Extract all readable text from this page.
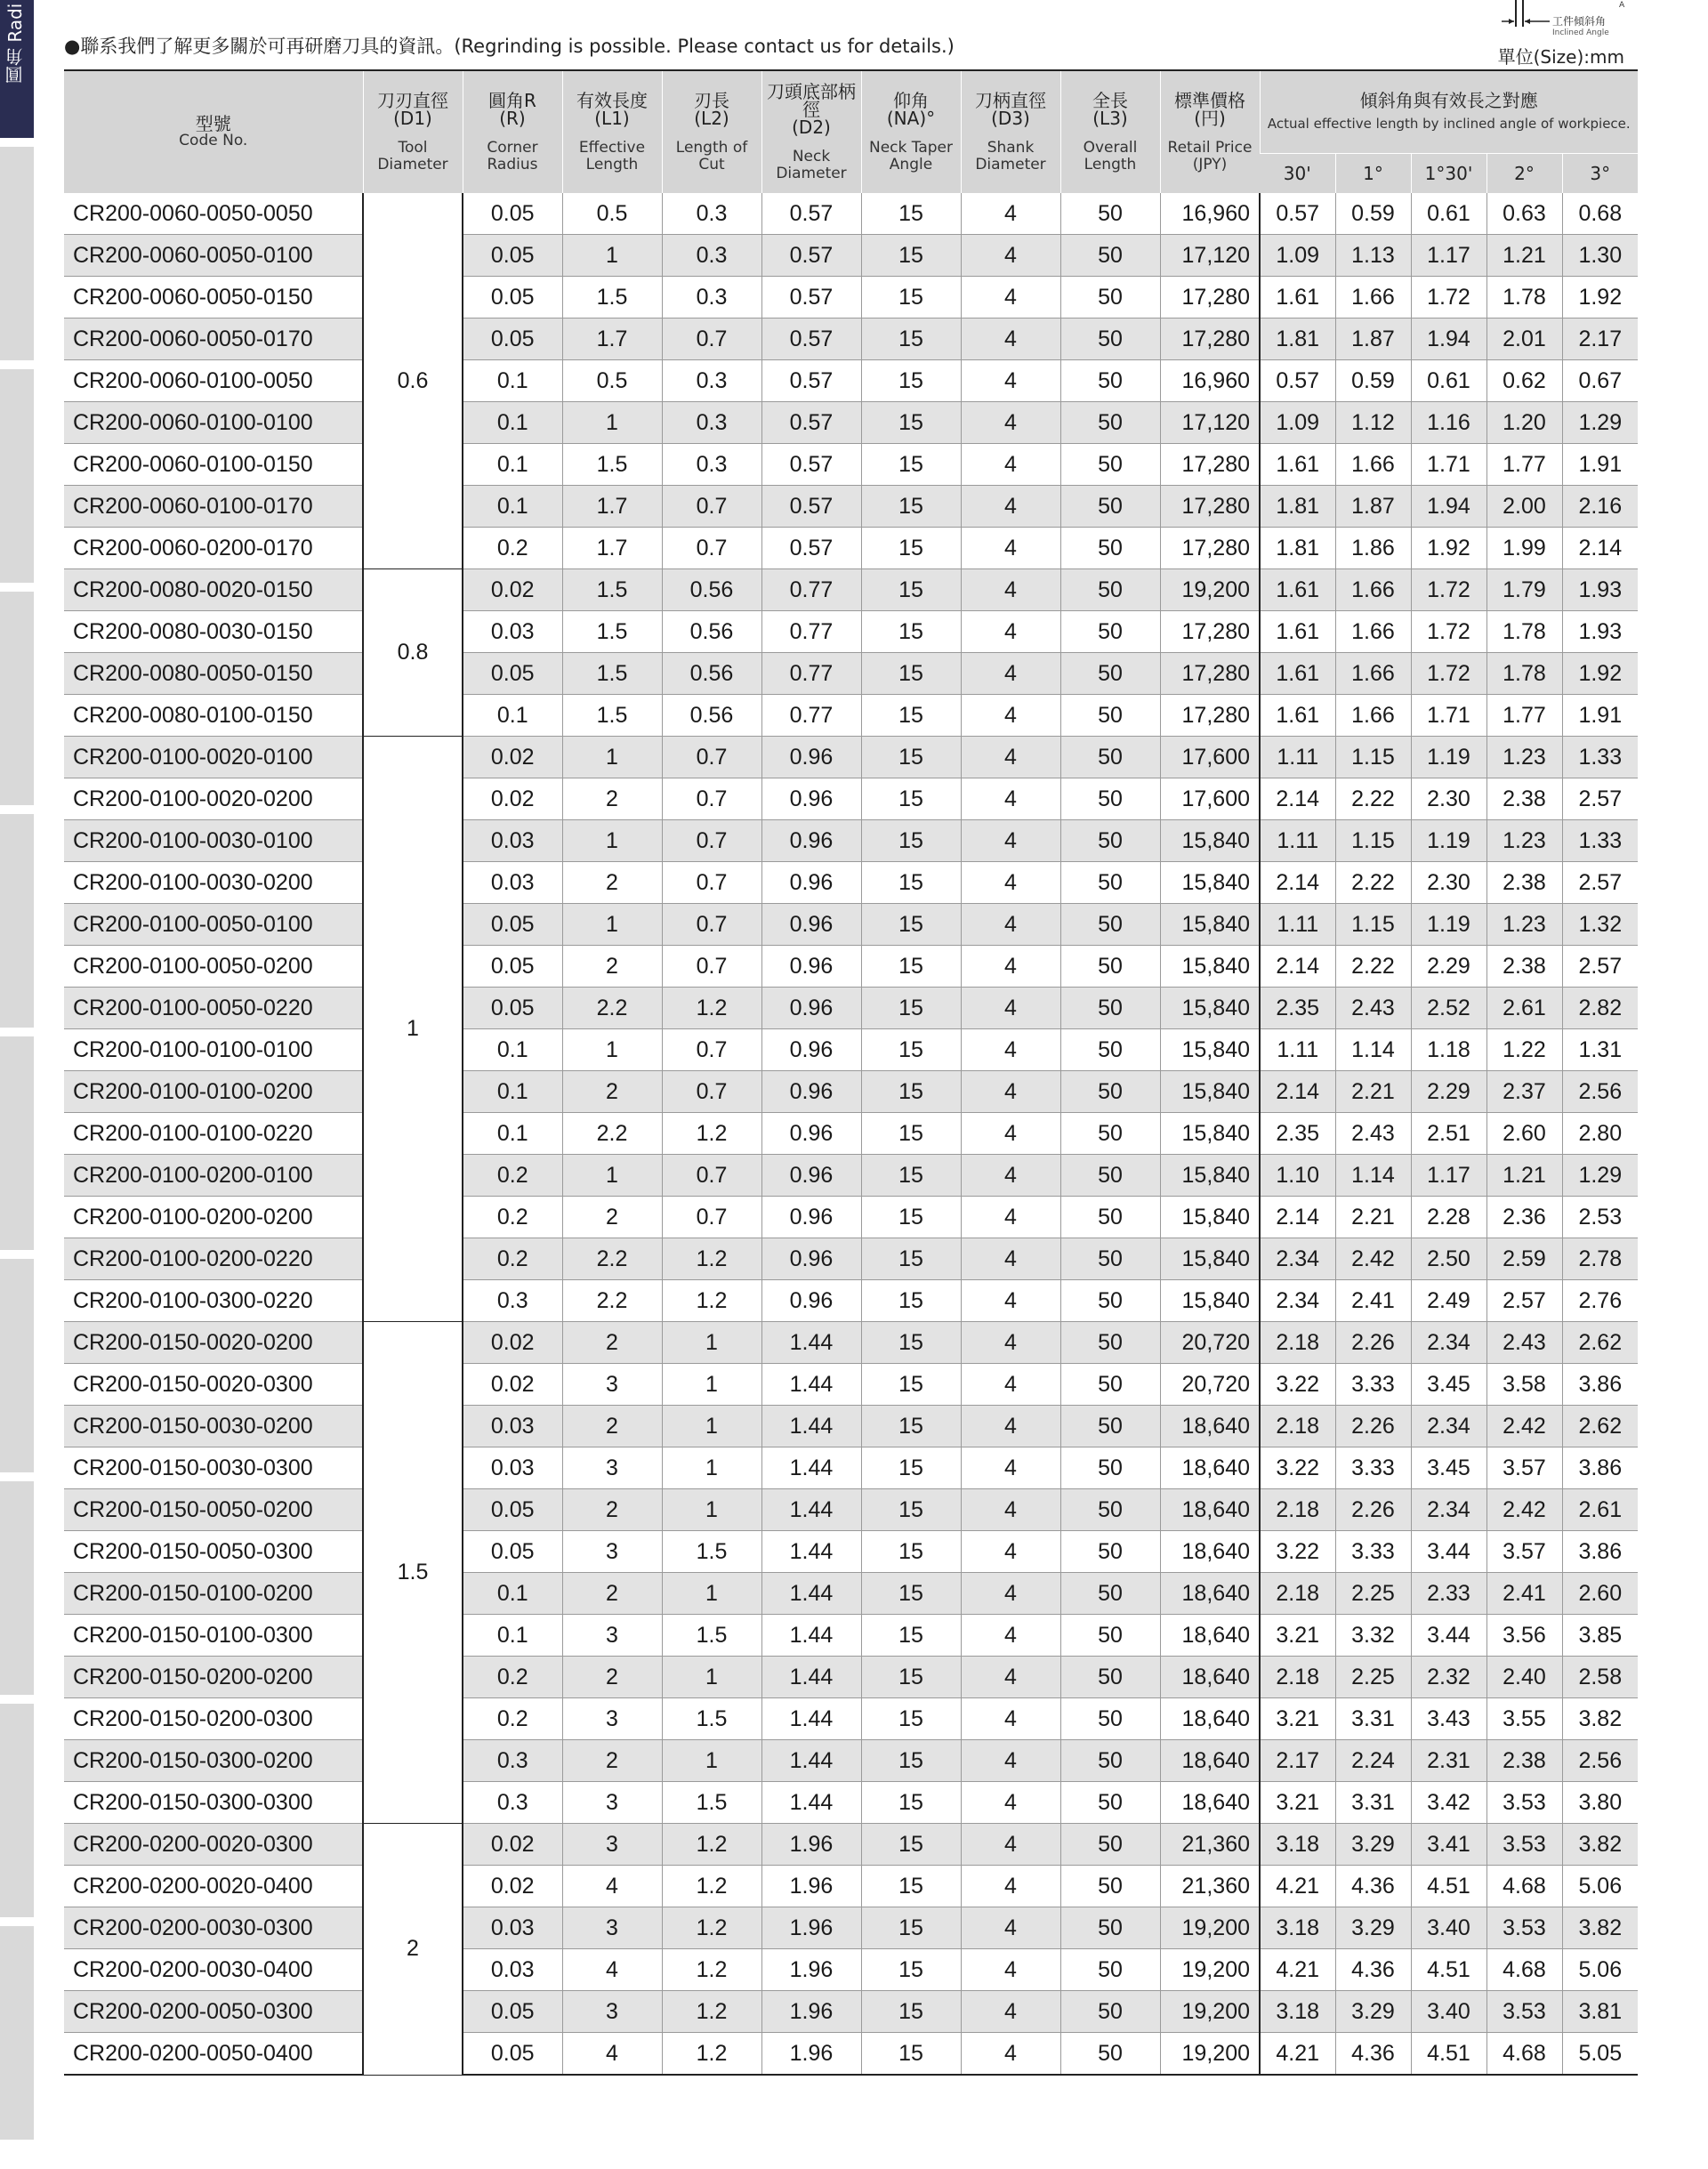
圓角 Radi	A
工件傾斜角
Inclined Angle
●聯系我們了解更多關於可再研磨刀具的資訊。(Regrinding is possible. Please contact us for details.)	單位(Size):mm
型號
Code No.	刀刃直徑
(D1)
Tool
Diameter	圓角R
(R)
Corner
Radius	有效長度
(L1)
Effective
Length	刃長
(L2)
Length of
Cut	刀頭底部柄徑
(D2)
Neck
Diameter	仰角
(NA)°
Neck Taper
Angle	刀柄直徑
(D3)
Shank
Diameter	全長
(L3)
Overall
Length	標準價格
(円)
Retail Price
(JPY)	傾斜角與有效長之對應
Actual effective length by inclined angle of workpiece.				

										30'	1°	1°30'	2°	3°
CR200-0060-0050-0050	0.6	0.05	0.5	0.3	0.57	15	4	50	16,960	0.57	0.59	0.61	0.63	0.68
CR200-0060-0050-0100		0.05	1	0.3	0.57	15	4	50	17,120	1.09	1.13	1.17	1.21	1.30
CR200-0060-0050-0150		0.05	1.5	0.3	0.57	15	4	50	17,280	1.61	1.66	1.72	1.78	1.92
CR200-0060-0050-0170		0.05	1.7	0.7	0.57	15	4	50	17,280	1.81	1.87	1.94	2.01	2.17
CR200-0060-0100-0050		0.1	0.5	0.3	0.57	15	4	50	16,960	0.57	0.59	0.61	0.62	0.67
CR200-0060-0100-0100		0.1	1	0.3	0.57	15	4	50	17,120	1.09	1.12	1.16	1.20	1.29
CR200-0060-0100-0150		0.1	1.5	0.3	0.57	15	4	50	17,280	1.61	1.66	1.71	1.77	1.91
CR200-0060-0100-0170		0.1	1.7	0.7	0.57	15	4	50	17,280	1.81	1.87	1.94	2.00	2.16
CR200-0060-0200-0170		0.2	1.7	0.7	0.57	15	4	50	17,280	1.81	1.86	1.92	1.99	2.14
CR200-0080-0020-0150	0.8	0.02	1.5	0.56	0.77	15	4	50	19,200	1.61	1.66	1.72	1.79	1.93
CR200-0080-0030-0150		0.03	1.5	0.56	0.77	15	4	50	17,280	1.61	1.66	1.72	1.78	1.93
CR200-0080-0050-0150		0.05	1.5	0.56	0.77	15	4	50	17,280	1.61	1.66	1.72	1.78	1.92
CR200-0080-0100-0150		0.1	1.5	0.56	0.77	15	4	50	17,280	1.61	1.66	1.71	1.77	1.91
CR200-0100-0020-0100	1	0.02	1	0.7	0.96	15	4	50	17,600	1.11	1.15	1.19	1.23	1.33
CR200-0100-0020-0200		0.02	2	0.7	0.96	15	4	50	17,600	2.14	2.22	2.30	2.38	2.57
CR200-0100-0030-0100		0.03	1	0.7	0.96	15	4	50	15,840	1.11	1.15	1.19	1.23	1.33
CR200-0100-0030-0200		0.03	2	0.7	0.96	15	4	50	15,840	2.14	2.22	2.30	2.38	2.57
CR200-0100-0050-0100		0.05	1	0.7	0.96	15	4	50	15,840	1.11	1.15	1.19	1.23	1.32
CR200-0100-0050-0200		0.05	2	0.7	0.96	15	4	50	15,840	2.14	2.22	2.29	2.38	2.57
CR200-0100-0050-0220		0.05	2.2	1.2	0.96	15	4	50	15,840	2.35	2.43	2.52	2.61	2.82
CR200-0100-0100-0100		0.1	1	0.7	0.96	15	4	50	15,840	1.11	1.14	1.18	1.22	1.31
CR200-0100-0100-0200		0.1	2	0.7	0.96	15	4	50	15,840	2.14	2.21	2.29	2.37	2.56
CR200-0100-0100-0220		0.1	2.2	1.2	0.96	15	4	50	15,840	2.35	2.43	2.51	2.60	2.80
CR200-0100-0200-0100		0.2	1	0.7	0.96	15	4	50	15,840	1.10	1.14	1.17	1.21	1.29
CR200-0100-0200-0200		0.2	2	0.7	0.96	15	4	50	15,840	2.14	2.21	2.28	2.36	2.53
CR200-0100-0200-0220		0.2	2.2	1.2	0.96	15	4	50	15,840	2.34	2.42	2.50	2.59	2.78
CR200-0100-0300-0220		0.3	2.2	1.2	0.96	15	4	50	15,840	2.34	2.41	2.49	2.57	2.76
CR200-0150-0020-0200	1.5	0.02	2	1	1.44	15	4	50	20,720	2.18	2.26	2.34	2.43	2.62
CR200-0150-0020-0300		0.02	3	1	1.44	15	4	50	20,720	3.22	3.33	3.45	3.58	3.86
CR200-0150-0030-0200		0.03	2	1	1.44	15	4	50	18,640	2.18	2.26	2.34	2.42	2.62
CR200-0150-0030-0300		0.03	3	1	1.44	15	4	50	18,640	3.22	3.33	3.45	3.57	3.86
CR200-0150-0050-0200		0.05	2	1	1.44	15	4	50	18,640	2.18	2.26	2.34	2.42	2.61
CR200-0150-0050-0300		0.05	3	1.5	1.44	15	4	50	18,640	3.22	3.33	3.44	3.57	3.86
CR200-0150-0100-0200		0.1	2	1	1.44	15	4	50	18,640	2.18	2.25	2.33	2.41	2.60
CR200-0150-0100-0300		0.1	3	1.5	1.44	15	4	50	18,640	3.21	3.32	3.44	3.56	3.85
CR200-0150-0200-0200		0.2	2	1	1.44	15	4	50	18,640	2.18	2.25	2.32	2.40	2.58
CR200-0150-0200-0300		0.2	3	1.5	1.44	15	4	50	18,640	3.21	3.31	3.43	3.55	3.82
CR200-0150-0300-0200		0.3	2	1	1.44	15	4	50	18,640	2.17	2.24	2.31	2.38	2.56
CR200-0150-0300-0300		0.3	3	1.5	1.44	15	4	50	18,640	3.21	3.31	3.42	3.53	3.80
CR200-0200-0020-0300	2	0.02	3	1.2	1.96	15	4	50	21,360	3.18	3.29	3.41	3.53	3.82
CR200-0200-0020-0400		0.02	4	1.2	1.96	15	4	50	21,360	4.21	4.36	4.51	4.68	5.06
CR200-0200-0030-0300		0.03	3	1.2	1.96	15	4	50	19,200	3.18	3.29	3.40	3.53	3.82
CR200-0200-0030-0400		0.03	4	1.2	1.96	15	4	50	19,200	4.21	4.36	4.51	4.68	5.06
CR200-0200-0050-0300		0.05	3	1.2	1.96	15	4	50	19,200	3.18	3.29	3.40	3.53	3.81
CR200-0200-0050-0400		0.05	4	1.2	1.96	15	4	50	19,200	4.21	4.36	4.51	4.68	5.05
